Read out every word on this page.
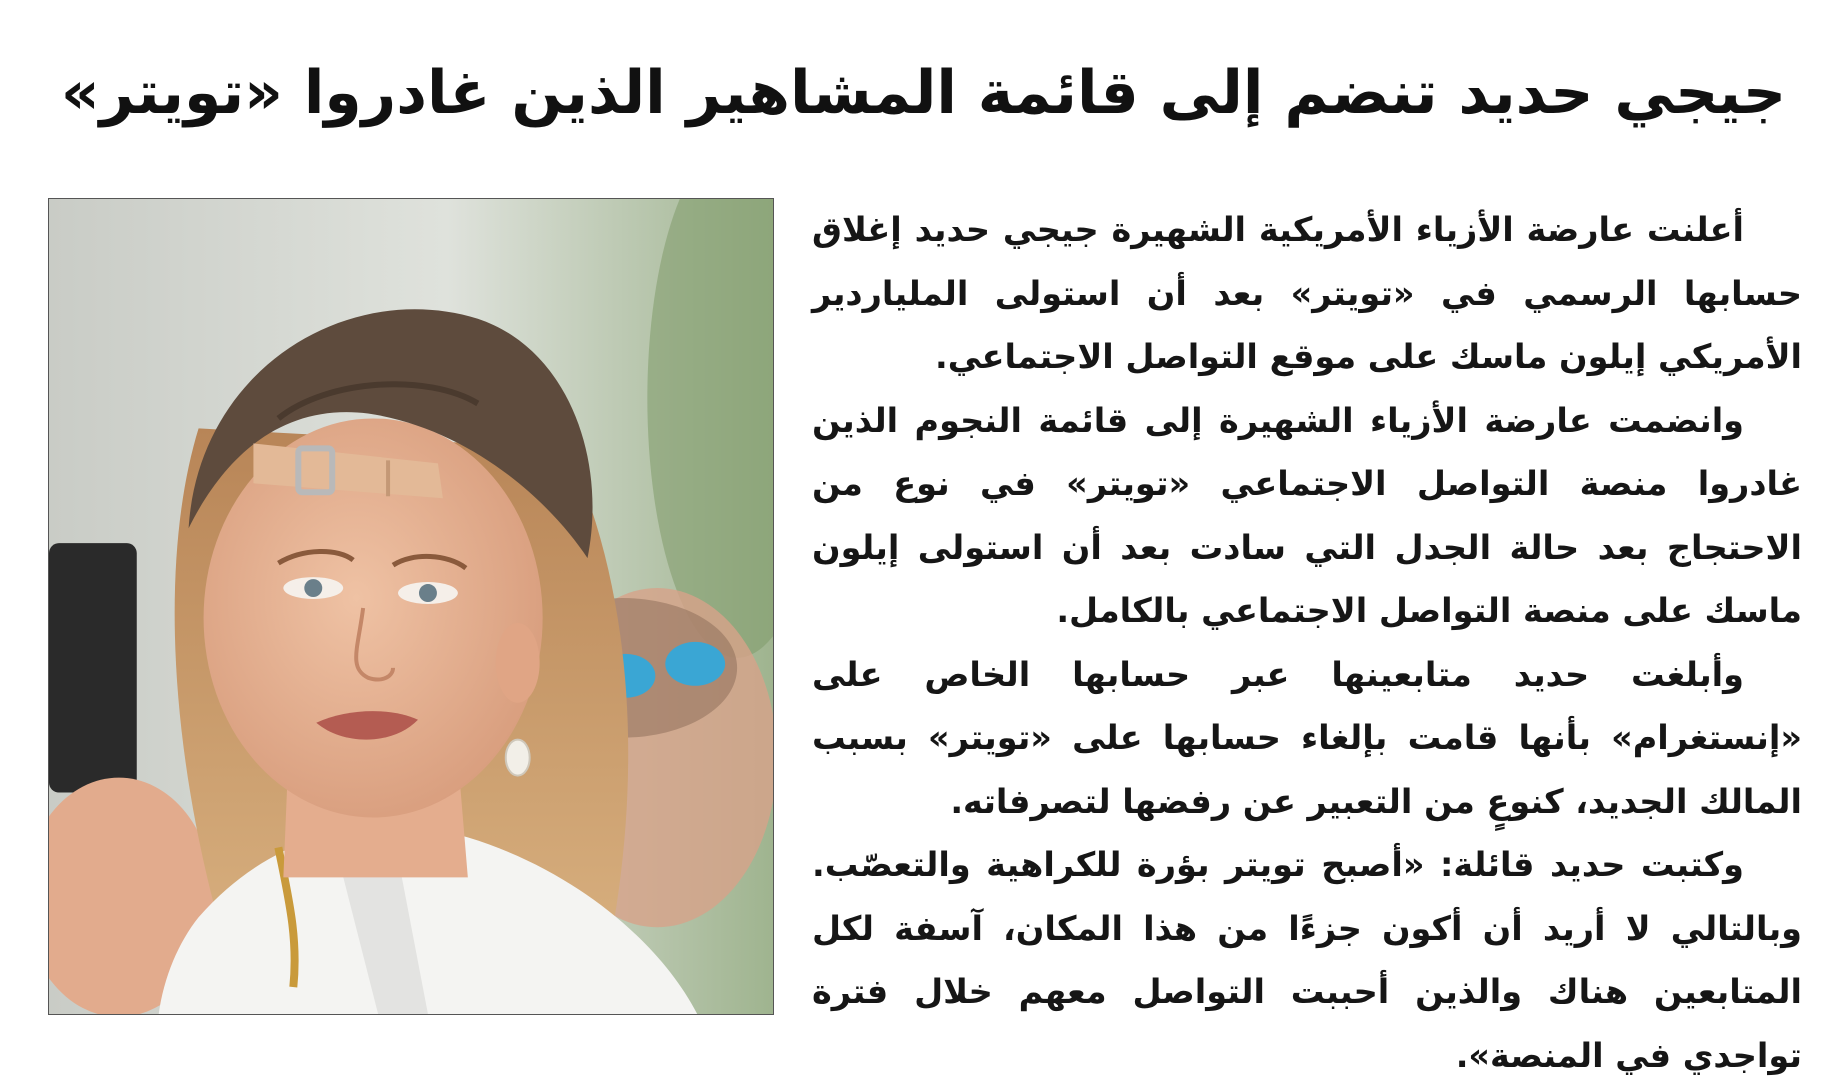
جيجي حديد تنضم إلى قائمة المشاهير الذين غادروا «تويتر»

أعلنت عارضة الأزياء الأمريكية الشهيرة جيجي حديد إغلاق حسابها الرسمي في «تويتر» بعد أن استولى الملياردير الأمريكي إيلون ماسك على موقع التواصل الاجتماعي.

وانضمت عارضة الأزياء الشهيرة إلى قائمة النجوم الذين غادروا منصة التواصل الاجتماعي «تويتر» في نوع من الاحتجاج بعد حالة الجدل التي سادت بعد أن استولى إيلون ماسك على منصة التواصل الاجتماعي بالكامل.

وأبلغت حديد متابعينها عبر حسابها الخاص على «إنستغرام» بأنها قامت بإلغاء حسابها على «تويتر» بسبب المالك الجديد، كنوعٍ من التعبير عن رفضها لتصرفاته.

وكتبت حديد قائلة: «أصبح تويتر بؤرة للكراهية والتعصّب. وبالتالي لا أريد أن أكون جزءًا من هذا المكان، آسفة لكل المتابعين هناك والذين أحببت التواصل معهم خلال فترة تواجدي في المنصة».
